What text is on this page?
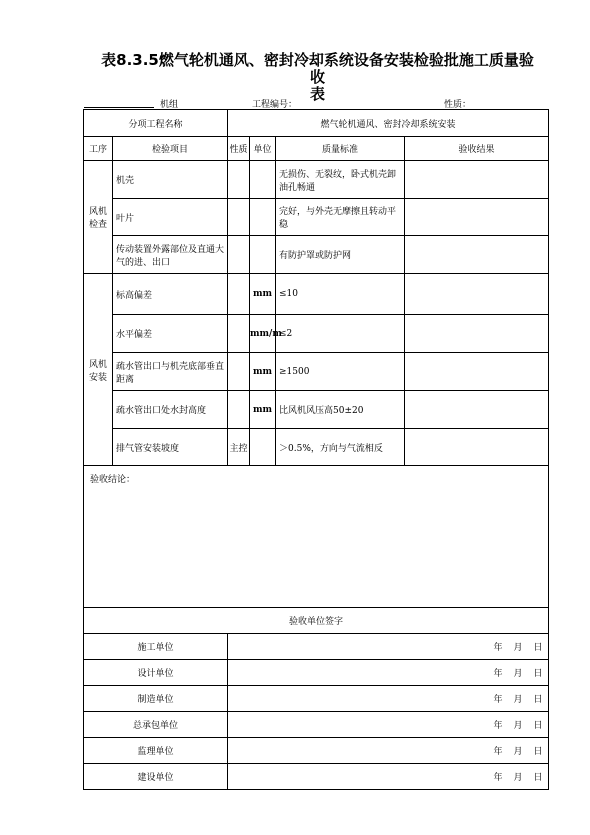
表8.3.5燃气轮机通风、密封冷却系统设备安装检验批施工质量验收
表
机组	工程编号：	性质：
分项工程名称		燃气轮机通风、密封冷却系统安装			
工序	检验项目	性质	单位	质量标准	验收结果
风机检查	机壳			无损伤、无裂纹，卧式机壳卸油孔畅通	
	叶片			完好，与外壳无摩擦且转动平稳	
	传动装置外露部位及直通大气的进、出口			有防护罩或防护网	
风机安装	标高偏差		mm	≤10	

	水平偏差		mm/m	≤2	

	疏水管出口与机壳底部垂直距离		mm	≥1500	

	疏水管出口处水封高度		mm	比风机风压高50±20	

	排气管安装坡度	主控		＞0.5%，方向与气流相反	
验收结论：					
验收单位签字					
施工单位		年 月 日			
设计单位		年 月 日			
制造单位		年 月 日			
总承包单位		年 月 日			
监理单位		年 月 日			
建设单位		年 月 日			
